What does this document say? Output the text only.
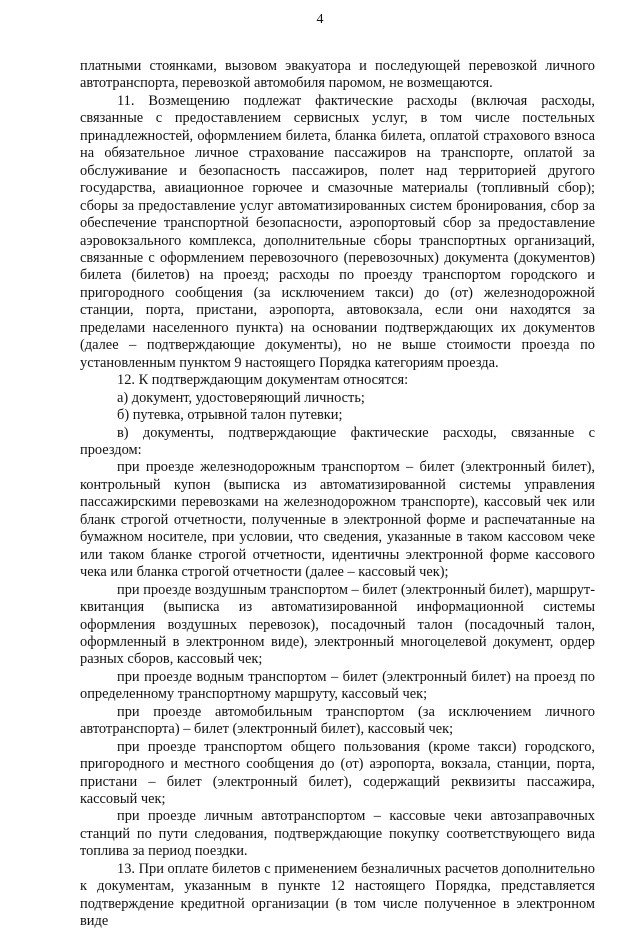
4

платными стоянками, вызовом эвакуатора и последующей перевозкой личного автотранспорта, перевозкой автомобиля паромом, не возмещаются.

11. Возмещению подлежат фактические расходы (включая расходы, связанные с предоставлением сервисных услуг, в том числе постельных принадлежностей, оформлением билета, бланка билета, оплатой страхового взноса на обязательное личное страхование пассажиров на транспорте, оплатой за обслуживание и безопасность пассажиров, полет над территорией другого государства, авиационное горючее и смазочные материалы (топливный сбор); сборы за предоставление услуг автоматизированных систем бронирования, сбор за обеспечение транспортной безопасности, аэропортовый сбор за предоставление аэровокзального комплекса, дополнительные сборы транспортных организаций, связанные с оформлением перевозочного (перевозочных) документа (документов) билета (билетов) на проезд; расходы по проезду транспортом городского и пригородного сообщения (за исключением такси) до (от) железнодорожной станции, порта, пристани, аэропорта, автовокзала, если они находятся за пределами населенного пункта) на основании подтверждающих их документов (далее – подтверждающие документы), но не выше стоимости проезда по установленным пунктом 9 настоящего Порядка категориям проезда.

12. К подтверждающим документам относятся:

а) документ, удостоверяющий личность;

б) путевка, отрывной талон путевки;

в) документы, подтверждающие фактические расходы, связанные с проездом:

при проезде железнодорожным транспортом – билет (электронный билет), контрольный купон (выписка из автоматизированной системы управления пассажирскими перевозками на железнодорожном транспорте), кассовый чек или бланк строгой отчетности, полученные в электронной форме и распечатанные на бумажном носителе, при условии, что сведения, указанные в таком кассовом чеке или таком бланке строгой отчетности, идентичны электронной форме кассового чека или бланка строгой отчетности (далее – кассовый чек);

при проезде воздушным транспортом – билет (электронный билет), маршрут-квитанция (выписка из автоматизированной информационной системы оформления воздушных перевозок), посадочный талон (посадочный талон, оформленный в электронном виде), электронный многоцелевой документ, ордер разных сборов, кассовый чек;

при проезде водным транспортом – билет (электронный билет) на проезд по определенному транспортному маршруту, кассовый чек;

при проезде автомобильным транспортом (за исключением личного автотранспорта) – билет (электронный билет), кассовый чек;

при проезде транспортом общего пользования (кроме такси) городского, пригородного и местного сообщения до (от) аэропорта, вокзала, станции, порта, пристани – билет (электронный билет), содержащий реквизиты пассажира, кассовый чек;

при проезде личным автотранспортом – кассовые чеки автозаправочных станций по пути следования, подтверждающие покупку соответствующего вида топлива за период поездки.

13. При оплате билетов с применением безналичных расчетов дополнительно к документам, указанным в пункте 12 настоящего Порядка, представляется подтверждение кредитной организации (в том числе полученное в электронном виде
